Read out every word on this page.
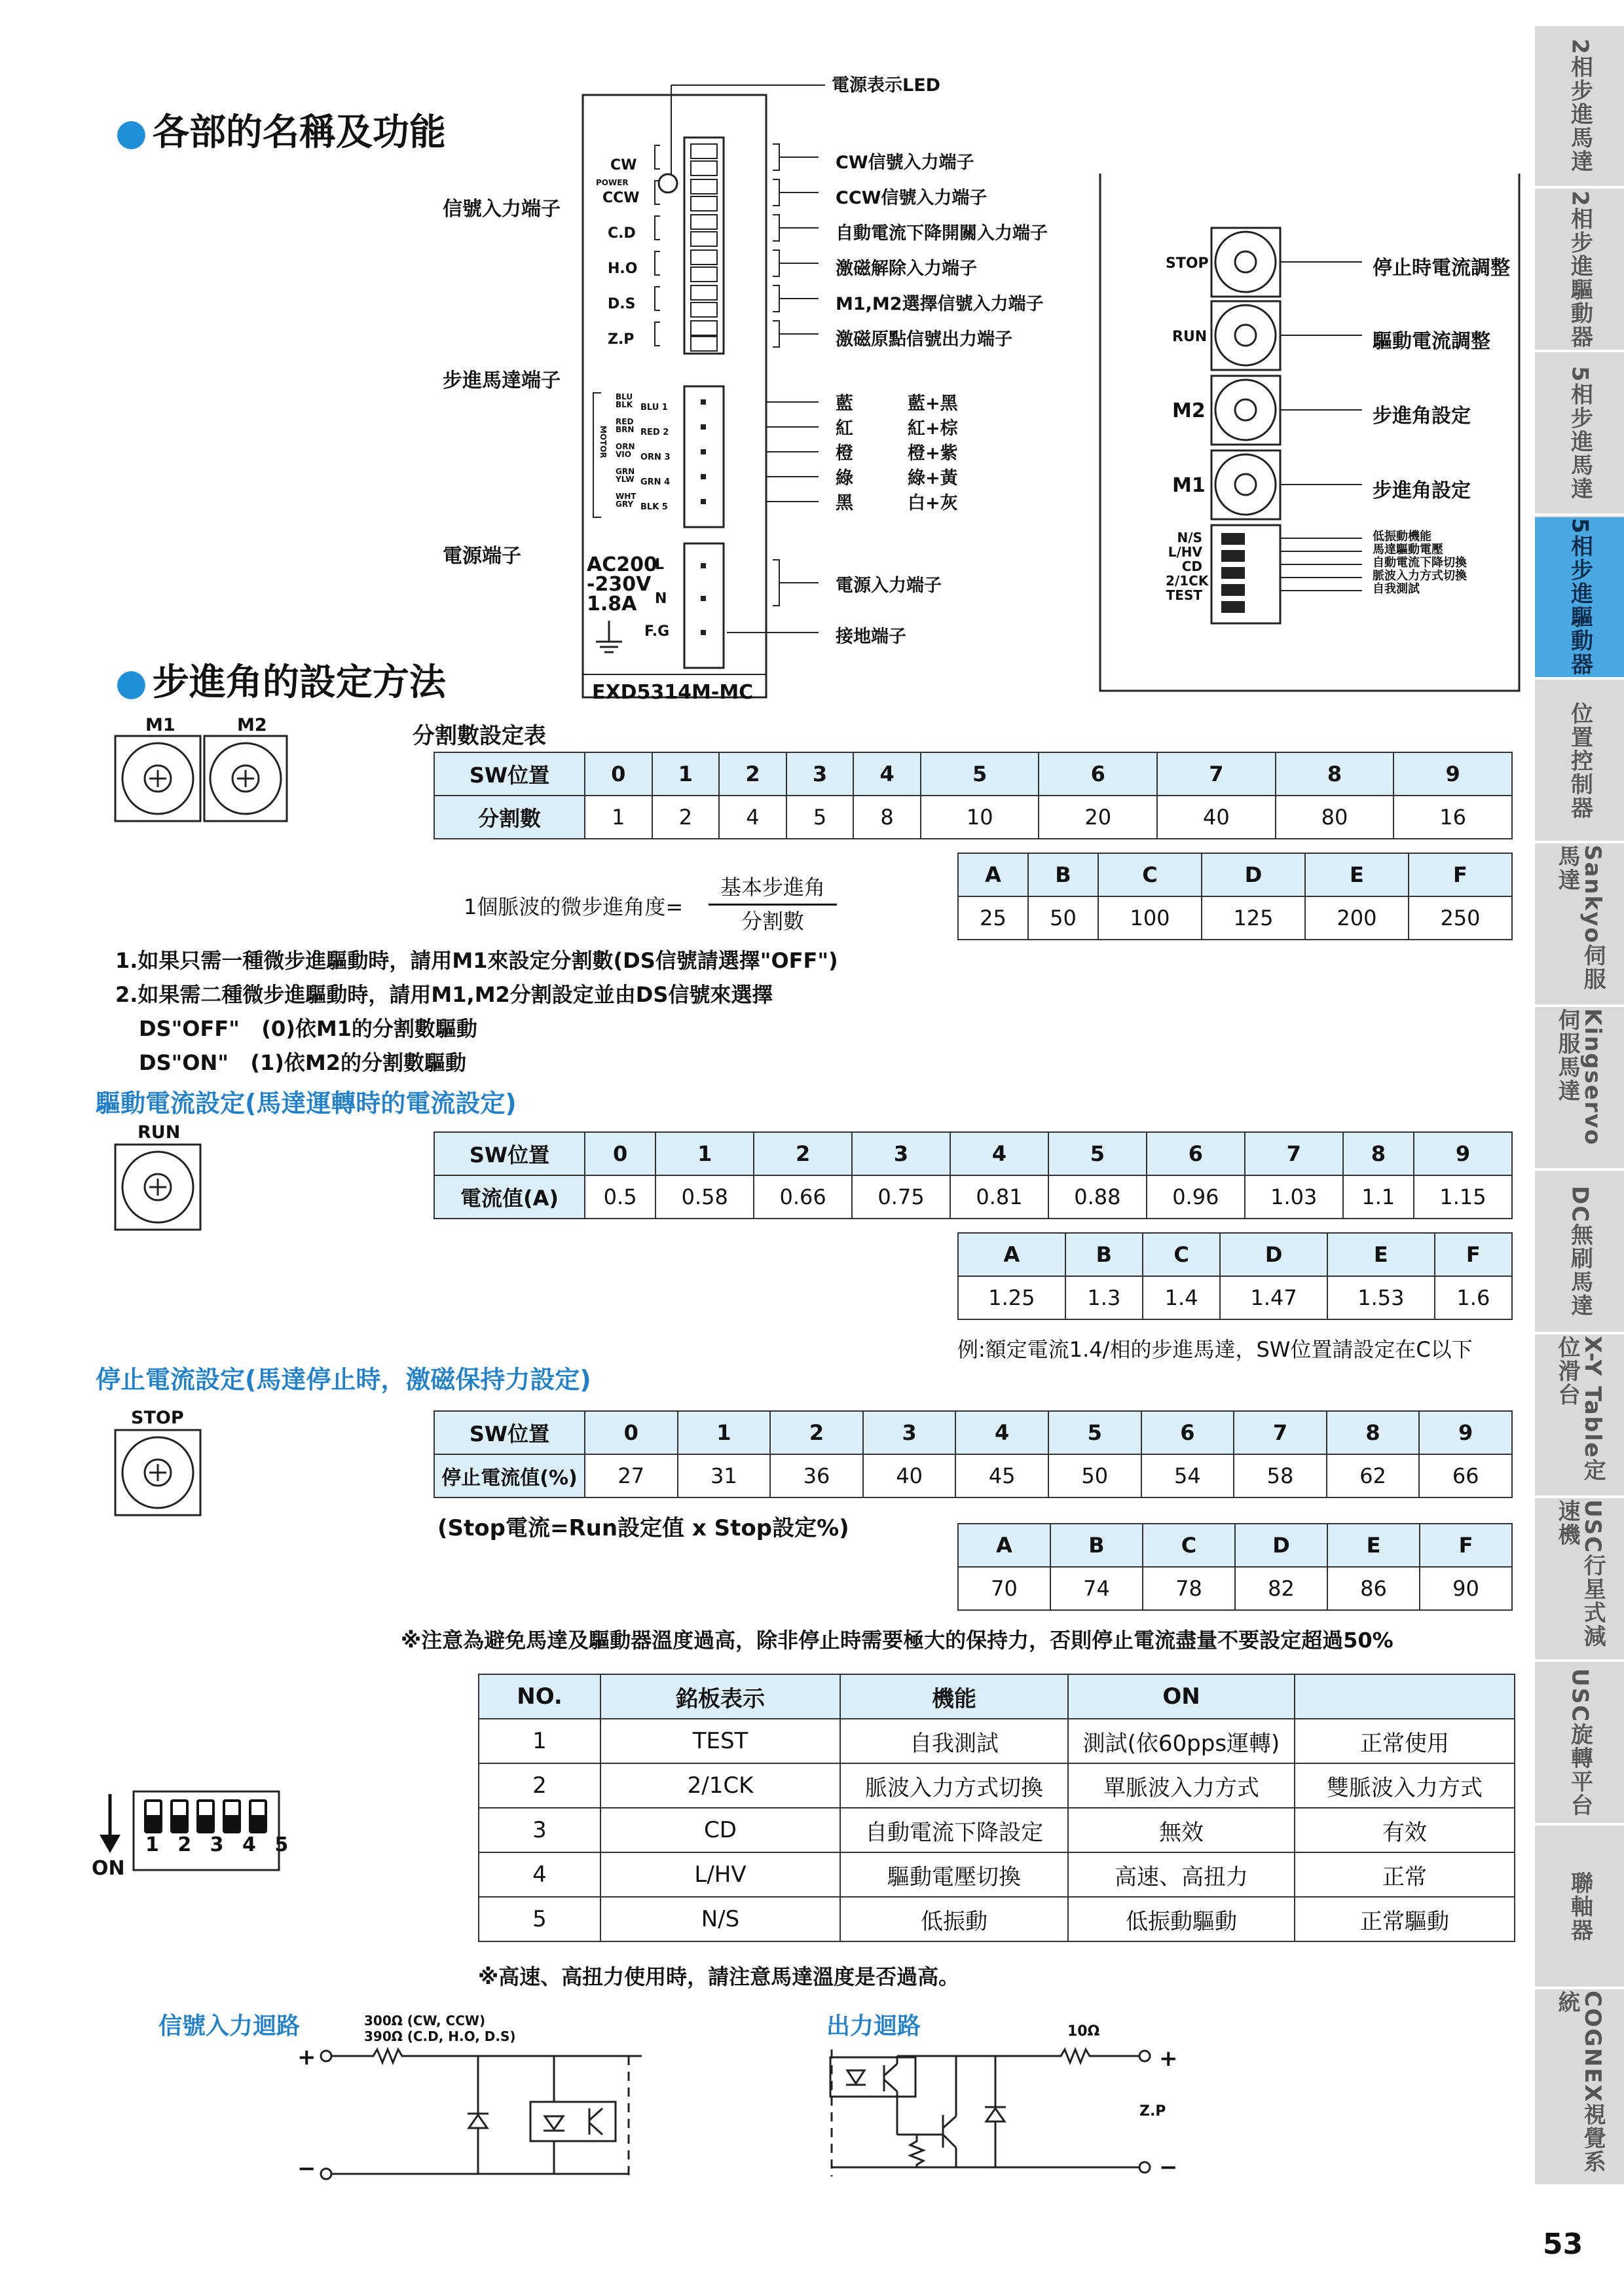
● 各部的名稱及功能
● 步進角的設定方法
驅動電流設定(馬達運轉時的電流設定)
停止電流設定(馬達停止時，激磁保持力設定)
電源表示LED
信號入力端子
步進馬達端子
電源端子
CW
POWER
CCW
C.D
H.O
D.S
Z.P
MOTOR
BLU
BLK
RED
BRN
ORN
VIO
GRN
YLW
WHT
GRY
BLU 1
RED 2
ORN 3
GRN 4
BLK 5
AC200
-230V
1.8A
L
N
F.G
EXD5314M-MC
CW信號入力端子
CCW信號入力端子
自動電流下降開關入力端子
激磁解除入力端子
M1,M2選擇信號入力端子
激磁原點信號出力端子
藍
紅
橙
綠
黑
藍+黑
紅+棕
橙+紫
綠+黃
白+灰
電源入力端子
接地端子
STOP
RUN
M2
M1
停止時電流調整
驅動電流調整
步進角設定
步進角設定
N/S
L/HV
CD
2/1CK
TEST
低振動機能
馬達驅動電壓
自動電流下降切換
脈波入力方式切換
自我測試
M1	M2	分割數設定表
SW位置	0	1	2	3	4	5	6	7	8	9
分割數	1	2	4	5	8	10	20	40	80	16
A	B	C	D	E	F
25	50	100	125	200	250
1個脈波的微步進角度=
基本步進角
分割數
1.如果只需一種微步進驅動時，請用M1來設定分割數(DS信號請選擇"OFF")
2.如果需二種微步進驅動時，請用M1,M2分割設定並由DS信號來選擇
DS"OFF"   (0)依M1的分割數驅動
DS"ON"   (1)依M2的分割數驅動
RUN
SW位置	0	1	2	3	4	5	6	7	8	9
電流值(A)	0.5	0.58	0.66	0.75	0.81	0.88	0.96	1.03	1.1	1.15
A	B	C	D	E	F
1.25	1.3	1.4	1.47	1.53	1.6
例:額定電流1.4/相的步進馬達，SW位置請設定在C以下
STOP
SW位置	0	1	2	3	4	5	6	7	8	9
停止電流值(%)	27	31	36	40	45	50	54	58	62	66
(Stop電流=Run設定值 x Stop設定%)
A	B	C	D	E	F
70	74	78	82	86	90
※注意為避免馬達及驅動器溫度過高，除非停止時需要極大的保持力，否則停止電流盡量不要設定超過50%
NO.	銘板表示	機能	ON	
1	TEST	自我測試	測試(依60pps運轉)	正常使用
2	2/1CK	脈波入力方式切換	單脈波入力方式	雙脈波入力方式
3	CD	自動電流下降設定	無效	有效
4	L/HV	驅動電壓切換	高速、高扭力	正常
5	N/S	低振動	低振動驅動	正常驅動
ON
1 2 3 4 5
※高速、高扭力使用時，請注意馬達溫度是否過高。
信號入力迴路	300Ω (CW, CCW)
390Ω (C.D, H.O, D.S)
+
−
出力迴路	10Ω
Z.P
+
−
2相步進馬達
2相步進驅動器
5相步進馬達
5相步進驅動器
位置控制器
Sankyo伺服馬達
Kingservo伺服馬達
DC無刷馬達
X-Y Table定位滑台
USC行星式減速機
USC旋轉平台
聯軸器
COGNEX視覺系統
53
